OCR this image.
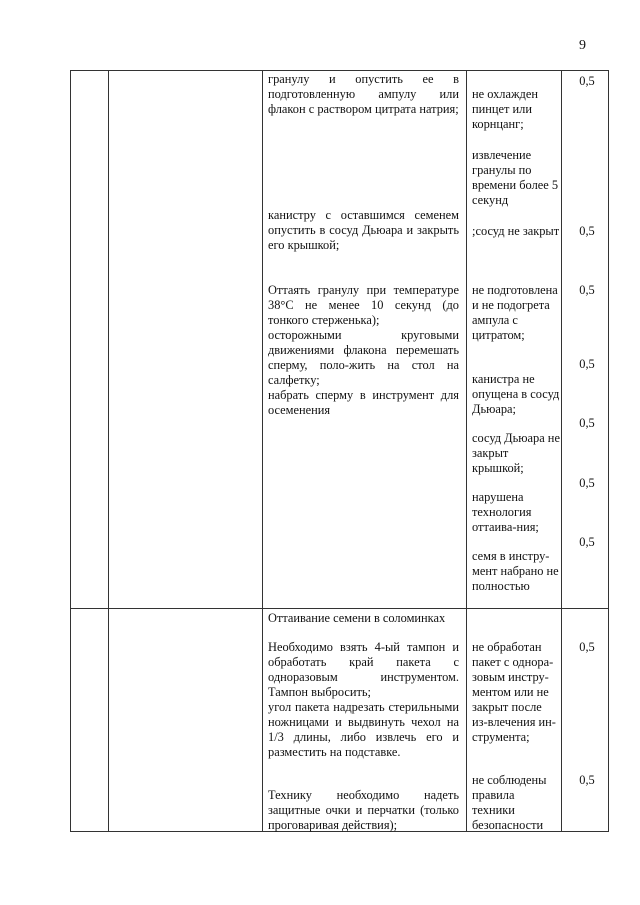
9

гранулу и опустить ее в подготовленную ампулу или флакон с раствором цитрата натрия;

канистру с оставшимся семенем опустить в сосуд Дьюара и закрыть его крышкой;

Оттаять гранулу при температуре 38°С не менее 10 секунд (до тонкого стерженька);

осторожными круговыми движениями флакона перемешать сперму, поло-жить на стол на салфетку;

набрать сперму в инструмент для осеменения

не охлажден пинцет или корнцанг;

извлечение гранулы по времени более 5 секунд

;сосуд не закрыт

не подготовлена и не подогрета ампула с цитратом;

канистра не опущена в сосуд Дьюара;

сосуд Дьюара не закрыт крышкой;

нарушена технология оттаива-ния;

семя в инстру-мент набрано не полностью

0,5
0,5
0,5
0,5
0,5
0,5
0,5
Оттаивание семени в соломинках

Необходимо взять 4-ый тампон и обработать край пакета с одноразовым инструментом. Тампон выбросить;

угол пакета надрезать стерильными ножницами и выдвинуть чехол на 1/3 длины, либо извлечь его и разместить на подставке.

Технику необходимо надеть защитные очки и перчатки (только проговаривая действия);

не обработан пакет с однора-зовым инстру-ментом или не закрыт после из-влечения ин-струмента;

не соблюдены правила техники безопасности

0,5
0,5
